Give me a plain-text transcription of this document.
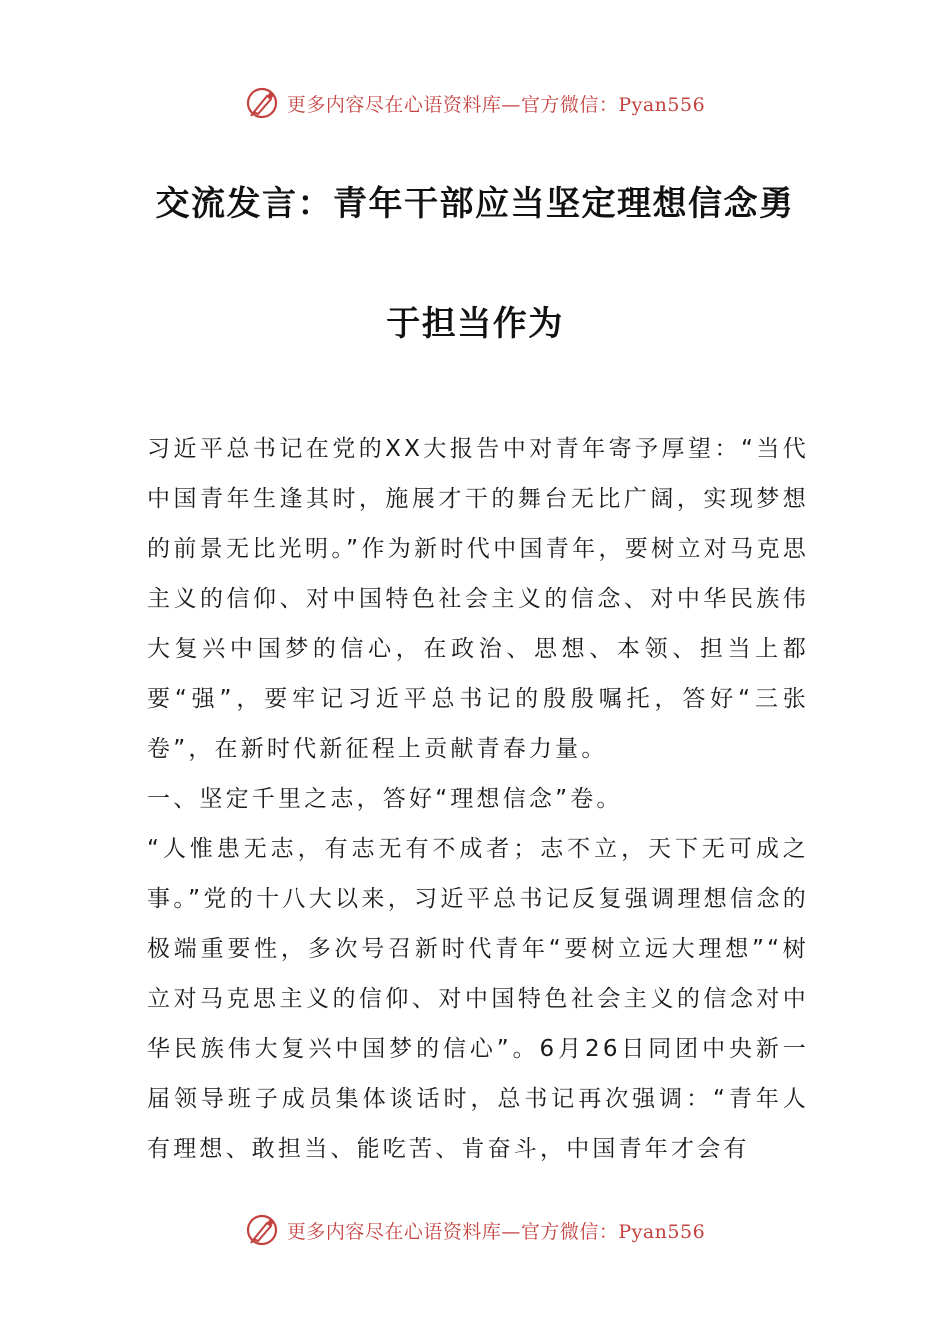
更多内容尽在心语资料库—官方微信：Pyan556
交流发言：青年干部应当坚定理想信念勇
于担当作为

习近平总书记在党的XX大报告中对青年寄予厚望：“当代中国青年生逢其时，施展才干的舞台无比广阔，实现梦想的前景无比光明。”作为新时代中国青年，要树立对马克思主义的信仰、对中国特色社会主义的信念、对中华民族伟大复兴中国梦的信心，在政治、思想、本领、担当上都要“强”，要牢记习近平总书记的殷殷嘱托，答好“三张卷”，在新时代新征程上贡献青春力量。

一、坚定千里之志，答好“理想信念”卷。

“人惟患无志，有志无有不成者；志不立，天下无可成之事。”党的十八大以来，习近平总书记反复强调理想信念的极端重要性，多次号召新时代青年“要树立远大理想”“树立对马克思主义的信仰、对中国特色社会主义的信念对中华民族伟大复兴中国梦的信心”。6月26日同团中央新一届领导班子成员集体谈话时，总书记再次强调：“青年人有理想、敢担当、能吃苦、肯奋斗，中国青年才会有

更多内容尽在心语资料库—官方微信：Pyan556
